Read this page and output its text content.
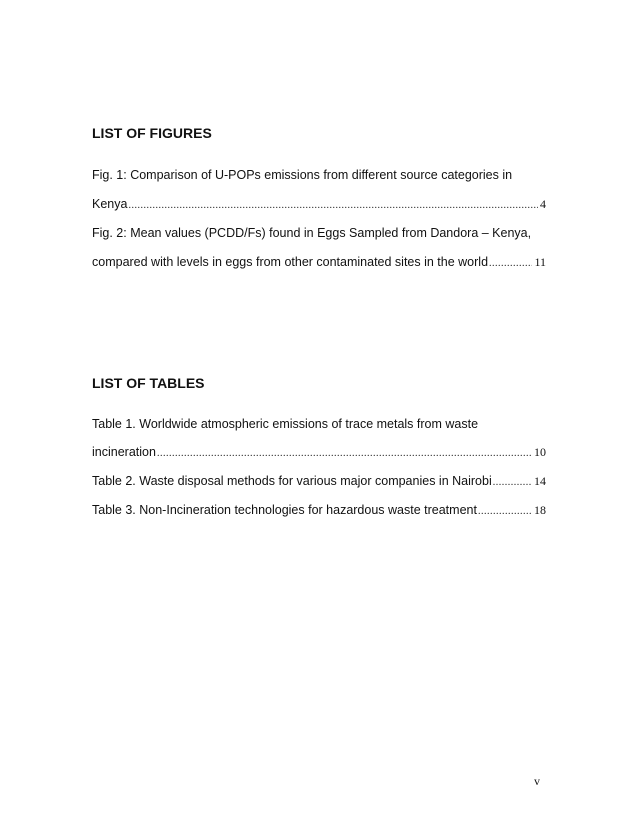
LIST OF FIGURES
Fig. 1: Comparison of U-POPs emissions from different source categories in
Kenya .....	4
Fig. 2: Mean values (PCDD/Fs) found in Eggs Sampled from Dandora – Kenya,
compared with levels in eggs from other contaminated sites in the world .....	11
LIST OF TABLES
Table 1. Worldwide atmospheric emissions of trace metals from waste
incineration .....	10
Table 2. Waste disposal methods for various major companies in Nairobi .....	14
Table 3. Non-Incineration technologies for hazardous waste treatment .....	18
v
